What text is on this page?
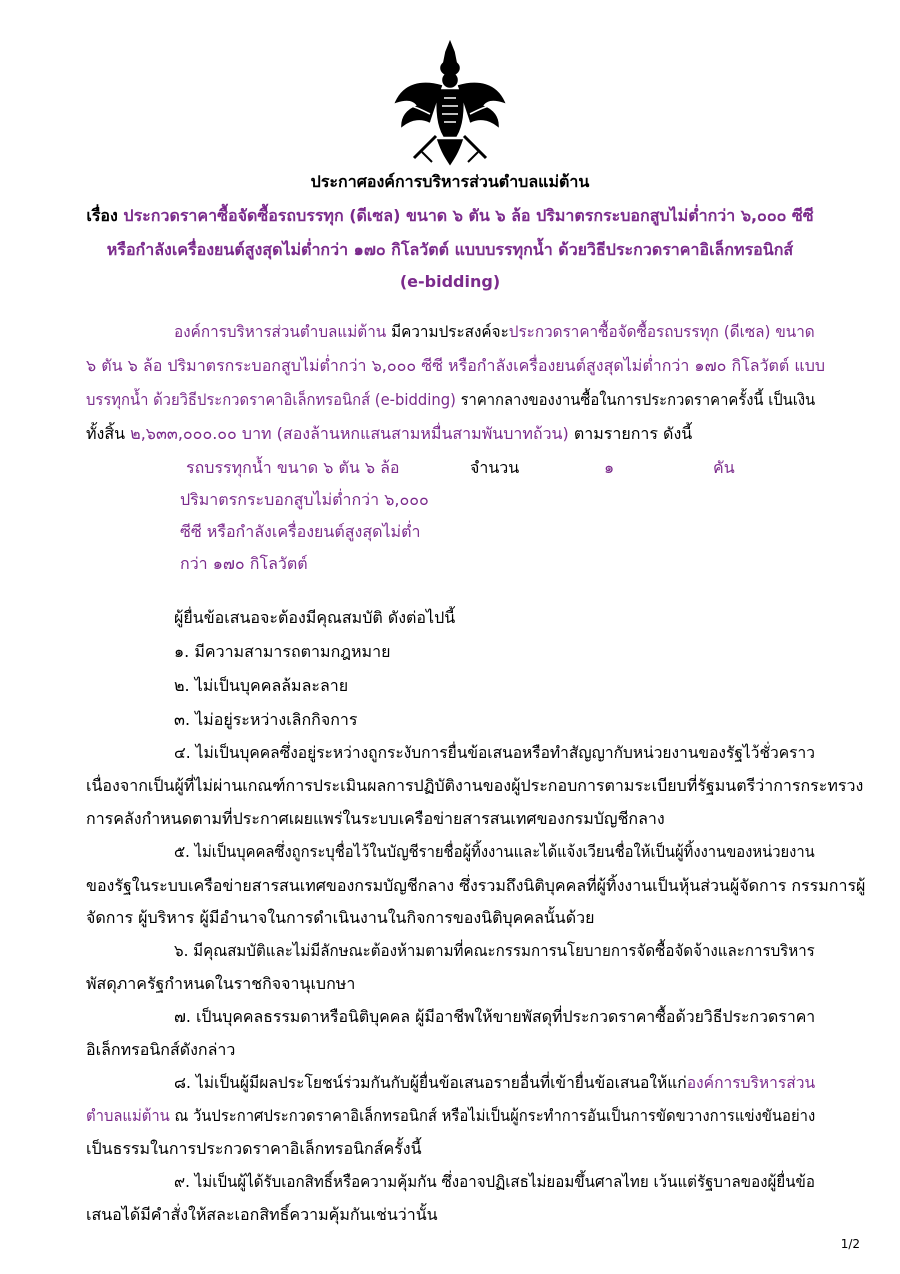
ประกาศองค์การบริหารส่วนตำบลแม่ต้าน
เรื่อง ประกวดราคาซื้อจัดซื้อรถบรรทุก (ดีเซล) ขนาด ๖ ตัน ๖ ล้อ ปริมาตรกระบอกสูบไม่ต่ำกว่า ๖,๐๐๐ ซีซี
หรือกำลังเครื่องยนต์สูงสุดไม่ต่ำกว่า ๑๗๐ กิโลวัตต์ แบบบรรทุกน้ำ ด้วยวิธีประกวดราคาอิเล็กทรอนิกส์
(e-bidding)
องค์การบริหารส่วนตำบลแม่ต้าน มีความประสงค์จะประกวดราคาซื้อจัดซื้อรถบรรทุก (ดีเซล) ขนาด
๖ ตัน ๖ ล้อ ปริมาตรกระบอกสูบไม่ต่ำกว่า ๖,๐๐๐ ซีซี หรือกำลังเครื่องยนต์สูงสุดไม่ต่ำกว่า ๑๗๐ กิโลวัตต์ แบบ
บรรทุกน้ำ ด้วยวิธีประกวดราคาอิเล็กทรอนิกส์ (e-bidding) ราคากลางของงานซื้อในการประกวดราคาครั้งนี้ เป็นเงิน
ทั้งสิ้น ๒,๖๓๓,๐๐๐.๐๐ บาท (สองล้านหกแสนสามหมื่นสามพันบาทถ้วน) ตามรายการ ดังนี้
รถบรรทุกน้ำ ขนาด ๖ ตัน ๖ ล้อ	จำนวน	๑	คัน
ปริมาตรกระบอกสูบไม่ต่ำกว่า ๖,๐๐๐
ซีซี หรือกำลังเครื่องยนต์สูงสุดไม่ต่ำ
กว่า ๑๗๐ กิโลวัตต์
ผู้ยื่นข้อเสนอจะต้องมีคุณสมบัติ ดังต่อไปนี้
๑. มีความสามารถตามกฎหมาย
๒. ไม่เป็นบุคคลล้มละลาย
๓. ไม่อยู่ระหว่างเลิกกิจการ
๔. ไม่เป็นบุคคลซึ่งอยู่ระหว่างถูกระงับการยื่นข้อเสนอหรือทำสัญญากับหน่วยงานของรัฐไว้ชั่วคราว
เนื่องจากเป็นผู้ที่ไม่ผ่านเกณฑ์การประเมินผลการปฏิบัติงานของผู้ประกอบการตามระเบียบที่รัฐมนตรีว่าการกระทรวง
การคลังกำหนดตามที่ประกาศเผยแพร่ในระบบเครือข่ายสารสนเทศของกรมบัญชีกลาง
๕. ไม่เป็นบุคคลซึ่งถูกระบุชื่อไว้ในบัญชีรายชื่อผู้ทิ้งงานและได้แจ้งเวียนชื่อให้เป็นผู้ทิ้งงานของหน่วยงาน
ของรัฐในระบบเครือข่ายสารสนเทศของกรมบัญชีกลาง ซึ่งรวมถึงนิติบุคคลที่ผู้ทิ้งงานเป็นหุ้นส่วนผู้จัดการ กรรมการผู้
จัดการ ผู้บริหาร ผู้มีอำนาจในการดำเนินงานในกิจการของนิติบุคคลนั้นด้วย
๖. มีคุณสมบัติและไม่มีลักษณะต้องห้ามตามที่คณะกรรมการนโยบายการจัดซื้อจัดจ้างและการบริหาร
พัสดุภาครัฐกำหนดในราชกิจจานุเบกษา
๗. เป็นบุคคลธรรมดาหรือนิติบุคคล ผู้มีอาชีพให้ขายพัสดุที่ประกวดราคาซื้อด้วยวิธีประกวดราคา
อิเล็กทรอนิกส์ดังกล่าว
๘. ไม่เป็นผู้มีผลประโยชน์ร่วมกันกับผู้ยื่นข้อเสนอรายอื่นที่เข้ายื่นข้อเสนอให้แก่องค์การบริหารส่วน
ตำบลแม่ต้าน ณ วันประกาศประกวดราคาอิเล็กทรอนิกส์ หรือไม่เป็นผู้กระทำการอันเป็นการขัดขวางการแข่งขันอย่าง
เป็นธรรมในการประกวดราคาอิเล็กทรอนิกส์ครั้งนี้
๙. ไม่เป็นผู้ได้รับเอกสิทธิ์หรือความคุ้มกัน ซึ่งอาจปฏิเสธไม่ยอมขึ้นศาลไทย เว้นแต่รัฐบาลของผู้ยื่นข้อ
เสนอได้มีคำสั่งให้สละเอกสิทธิ์ความคุ้มกันเช่นว่านั้น
1/2
